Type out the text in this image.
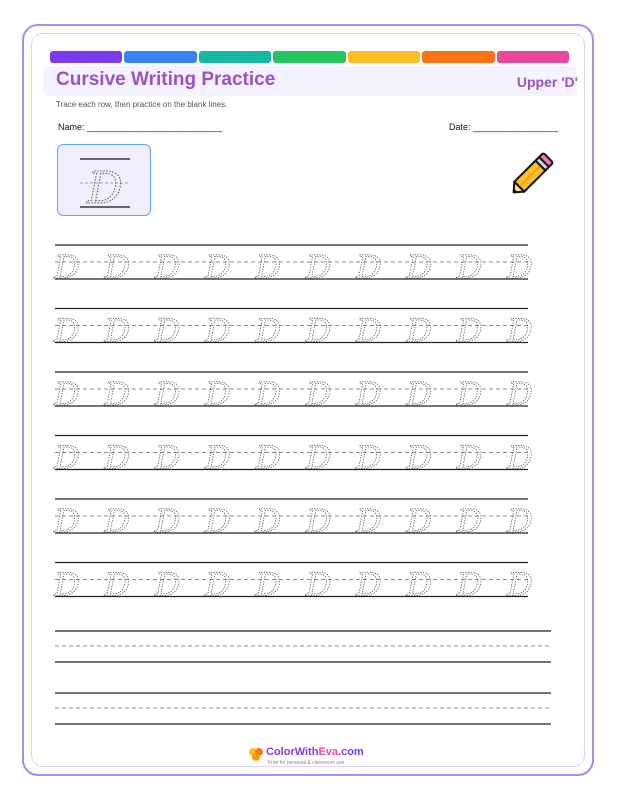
Cursive Writing Practice	Upper 'D'
Trace each row, then practice on the blank lines.
Name: ___________________________	Date: _________________
D
D D D D D D D D D D
D D D D D D D D D D
D D D D D D D D D D
D D D D D D D D D D
D D D D D D D D D D
D D D D D D D D D D
ColorWithEva.com
Free for personal & classroom use
